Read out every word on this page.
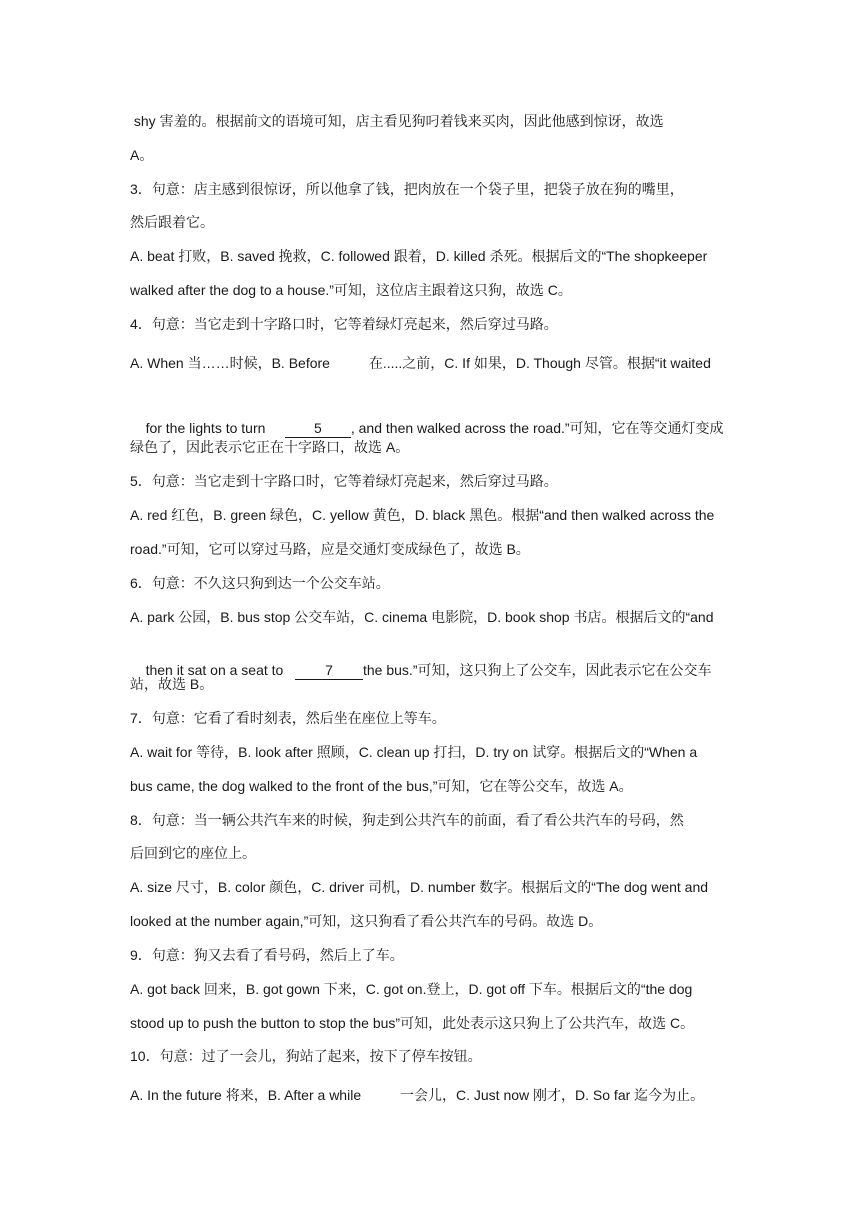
shy 害羞的。根据前文的语境可知，店主看见狗叼着钱来买肉，因此他感到惊讶，故选
A。
3．句意：店主感到很惊讶，所以他拿了钱，把肉放在一个袋子里，把袋子放在狗的嘴里，
然后跟着它。
A. beat 打败，B. saved 挽救，C. followed 跟着，D. killed 杀死。根据后文的“The shopkeeper
walked after the dog to a house.”可知，这位店主跟着这只狗，故选 C。
4．句意：当它走到十字路口时，它等着绿灯亮起来，然后穿过马路。
A. When 当……时候，B. Before          在.....之前，C. If 如果，D. Though 尽管。根据“it waited

for the lights to turn     5 , and then walked across the road.”可知，它在等交通灯变成

绿色了，因此表示它正在十字路口，故选 A。
5．句意：当它走到十字路口时，它等着绿灯亮起来，然后穿过马路。
A. red 红色，B. green 绿色，C. yellow 黄色，D. black 黑色。根据“and then walked across the
road.”可知，它可以穿过马路，应是交通灯变成绿色了，故选 B。
6．句意：不久这只狗到达一个公交车站。
A. park 公园，B. bus stop 公交车站，C. cinema 电影院，D. book shop 书店。根据后文的“and

then it sat on a seat to   7 the bus.”可知，这只狗上了公交车，因此表示它在公交车

站，故选 B。
7．句意：它看了看时刻表，然后坐在座位上等车。
A. wait for 等待，B. look after 照顾，C. clean up 打扫，D. try on 试穿。根据后文的“When a
bus came, the dog walked to the front of the bus,”可知，它在等公交车，故选 A。
8．句意：当一辆公共汽车来的时候，狗走到公共汽车的前面，看了看公共汽车的号码，然
后回到它的座位上。
A. size 尺寸，B. color 颜色，C. driver 司机，D. number 数字。根据后文的“The dog went and
looked at the number again,”可知，这只狗看了看公共汽车的号码。故选 D。
9．句意：狗又去看了看号码，然后上了车。
A. got back 回来，B. got gown 下来，C. got on.登上，D. got off 下车。根据后文的“the dog
stood up to push the button to stop the bus”可知，此处表示这只狗上了公共汽车，故选 C。
10．句意：过了一会儿，狗站了起来，按下了停车按钮。
A. In the future 将来，B. After a while          一会儿，C. Just now 刚才，D. So far 迄今为止。
